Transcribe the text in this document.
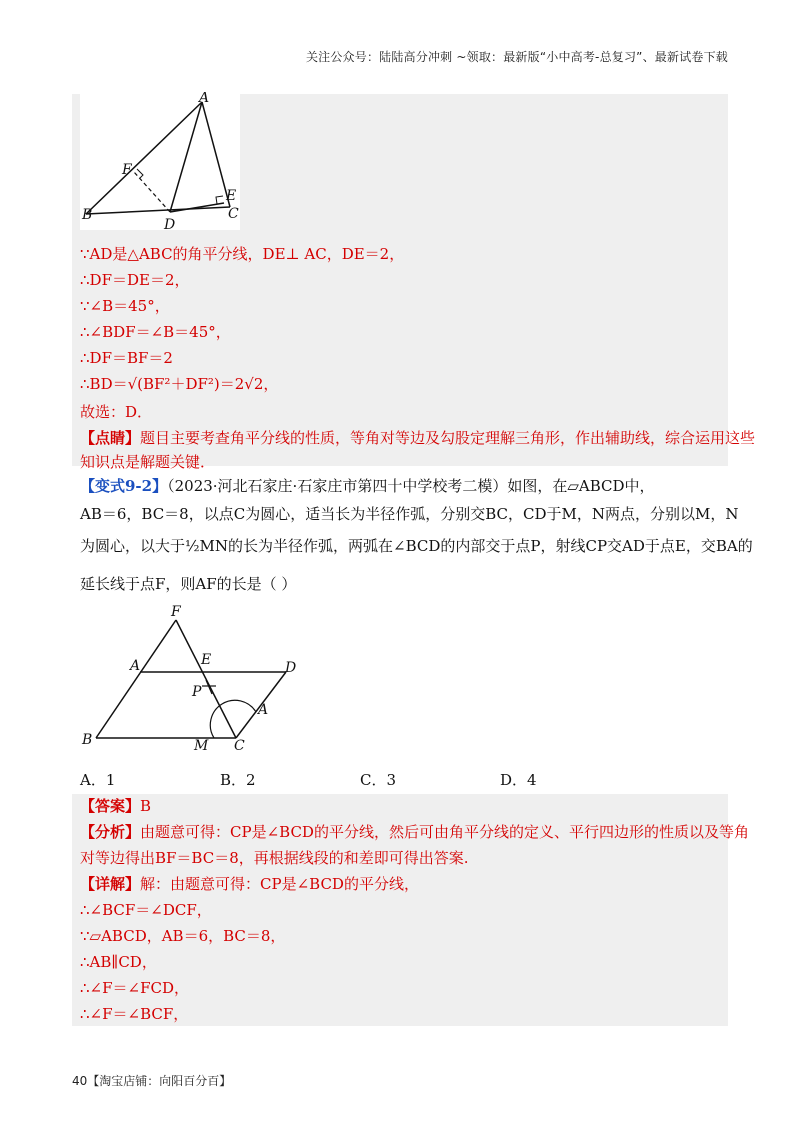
关注公众号：陆陆高分冲刺 ~领取：最新版“小中高考-总复习”、最新试卷下载
A
F
E
B
D
C
∵AD是△ABC的角平分线，DE⊥ AC，DE＝2，
∴DF＝DE＝2，
∵∠B＝45°，
∴∠BDF＝∠B＝45°，
∴DF＝BF＝2
∴BD＝√(BF²＋DF²)＝2√2，
故选：D．
【点睛】题目主要考查角平分线的性质，等角对等边及勾股定理解三角形，作出辅助线，综合运用这些
知识点是解题关键．
【变式9-2】（2023·河北石家庄·石家庄市第四十中学校考二模）如图，在▱ABCD中，
AB＝6，BC＝8，以点C为圆心，适当长为半径作弧，分别交BC，CD于M，N两点，分别以M，N
为圆心，以大于½MN的长为半径作弧，两弧在∠BCD的内部交于点P，射线CP交AD于点E，交BA的
延长线于点F，则AF的长是（ ）
F
A	E	D
P
A
B	M C
A．1	B．2	C．3	D．4
【答案】B
【分析】由题意可得：CP是∠BCD的平分线，然后可由角平分线的定义、平行四边形的性质以及等角
对等边得出BF＝BC＝8，再根据线段的和差即可得出答案.
【详解】解：由题意可得：CP是∠BCD的平分线，
∴∠BCF＝∠DCF，
∵▱ABCD，AB＝6，BC＝8，
∴AB∥CD，
∴∠F＝∠FCD，
∴∠F＝∠BCF，
40【淘宝店铺：向阳百分百】
